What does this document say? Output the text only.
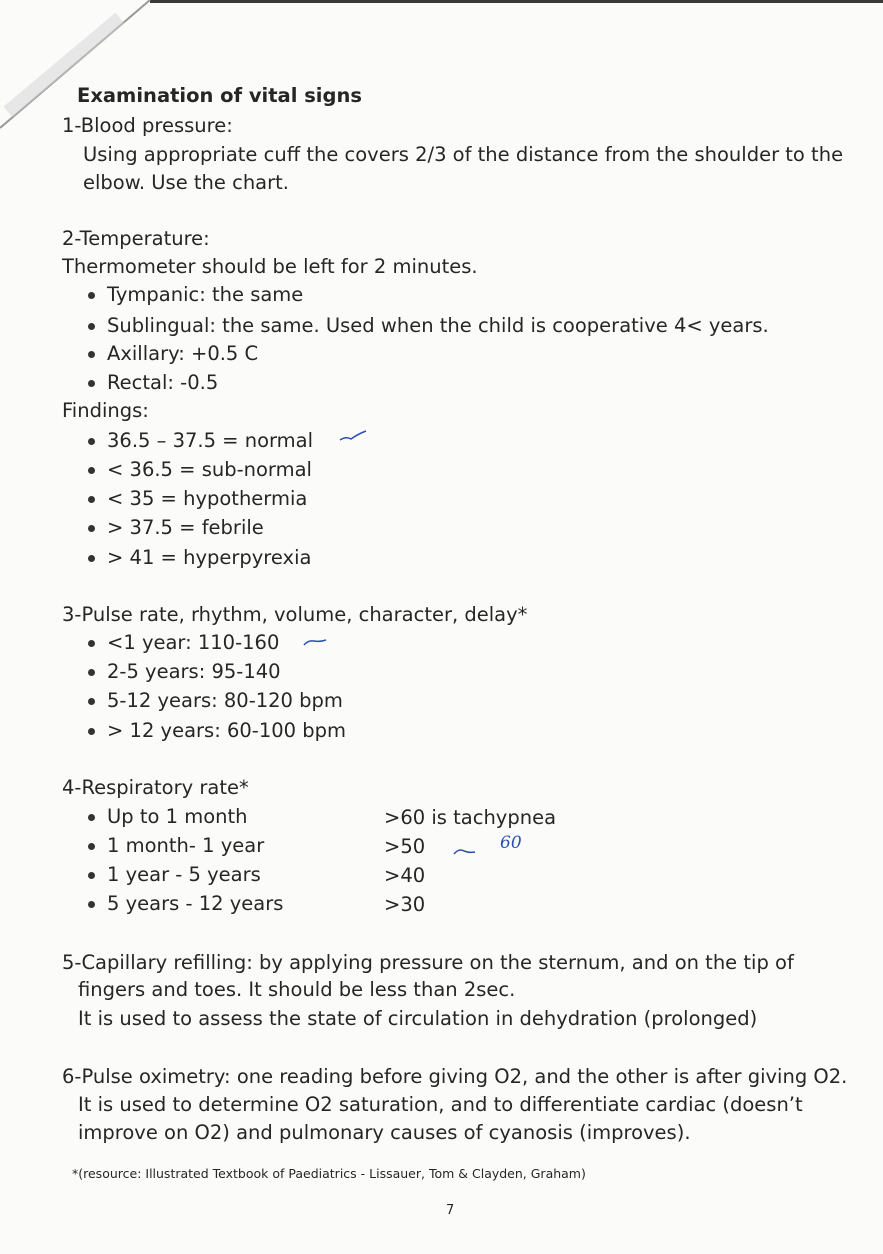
Examination of vital signs
1-Blood pressure:
Using appropriate cuff the covers 2/3 of the distance from the shoulder to the
elbow. Use the chart.
2-Temperature:
Thermometer should be left for 2 minutes.
Tympanic: the same
Sublingual: the same. Used when the child is cooperative 4< years.
Axillary: +0.5 C
Rectal: -0.5
Findings:
36.5 – 37.5 = normal
< 36.5 = sub-normal
< 35 = hypothermia
> 37.5 = febrile
> 41 = hyperpyrexia
3-Pulse rate, rhythm, volume, character, delay*
<1 year: 110-160
2-5 years: 95-140
5-12 years: 80-120 bpm
> 12 years: 60-100 bpm
4-Respiratory rate*
Up to 1 month	>60 is tachypnea
1 month- 1 year	>50
1 year - 5 years	>40
5 years - 12 years	>30
60
5-Capillary refilling: by applying pressure on the sternum, and on the tip of
fingers and toes. It should be less than 2sec.
It is used to assess the state of circulation in dehydration (prolonged)
6-Pulse oximetry: one reading before giving O2, and the other is after giving O2.
It is used to determine O2 saturation, and to differentiate cardiac (doesn’t
improve on O2) and pulmonary causes of cyanosis (improves).
*(resource: Illustrated Textbook of Paediatrics - Lissauer, Tom & Clayden, Graham)
7
